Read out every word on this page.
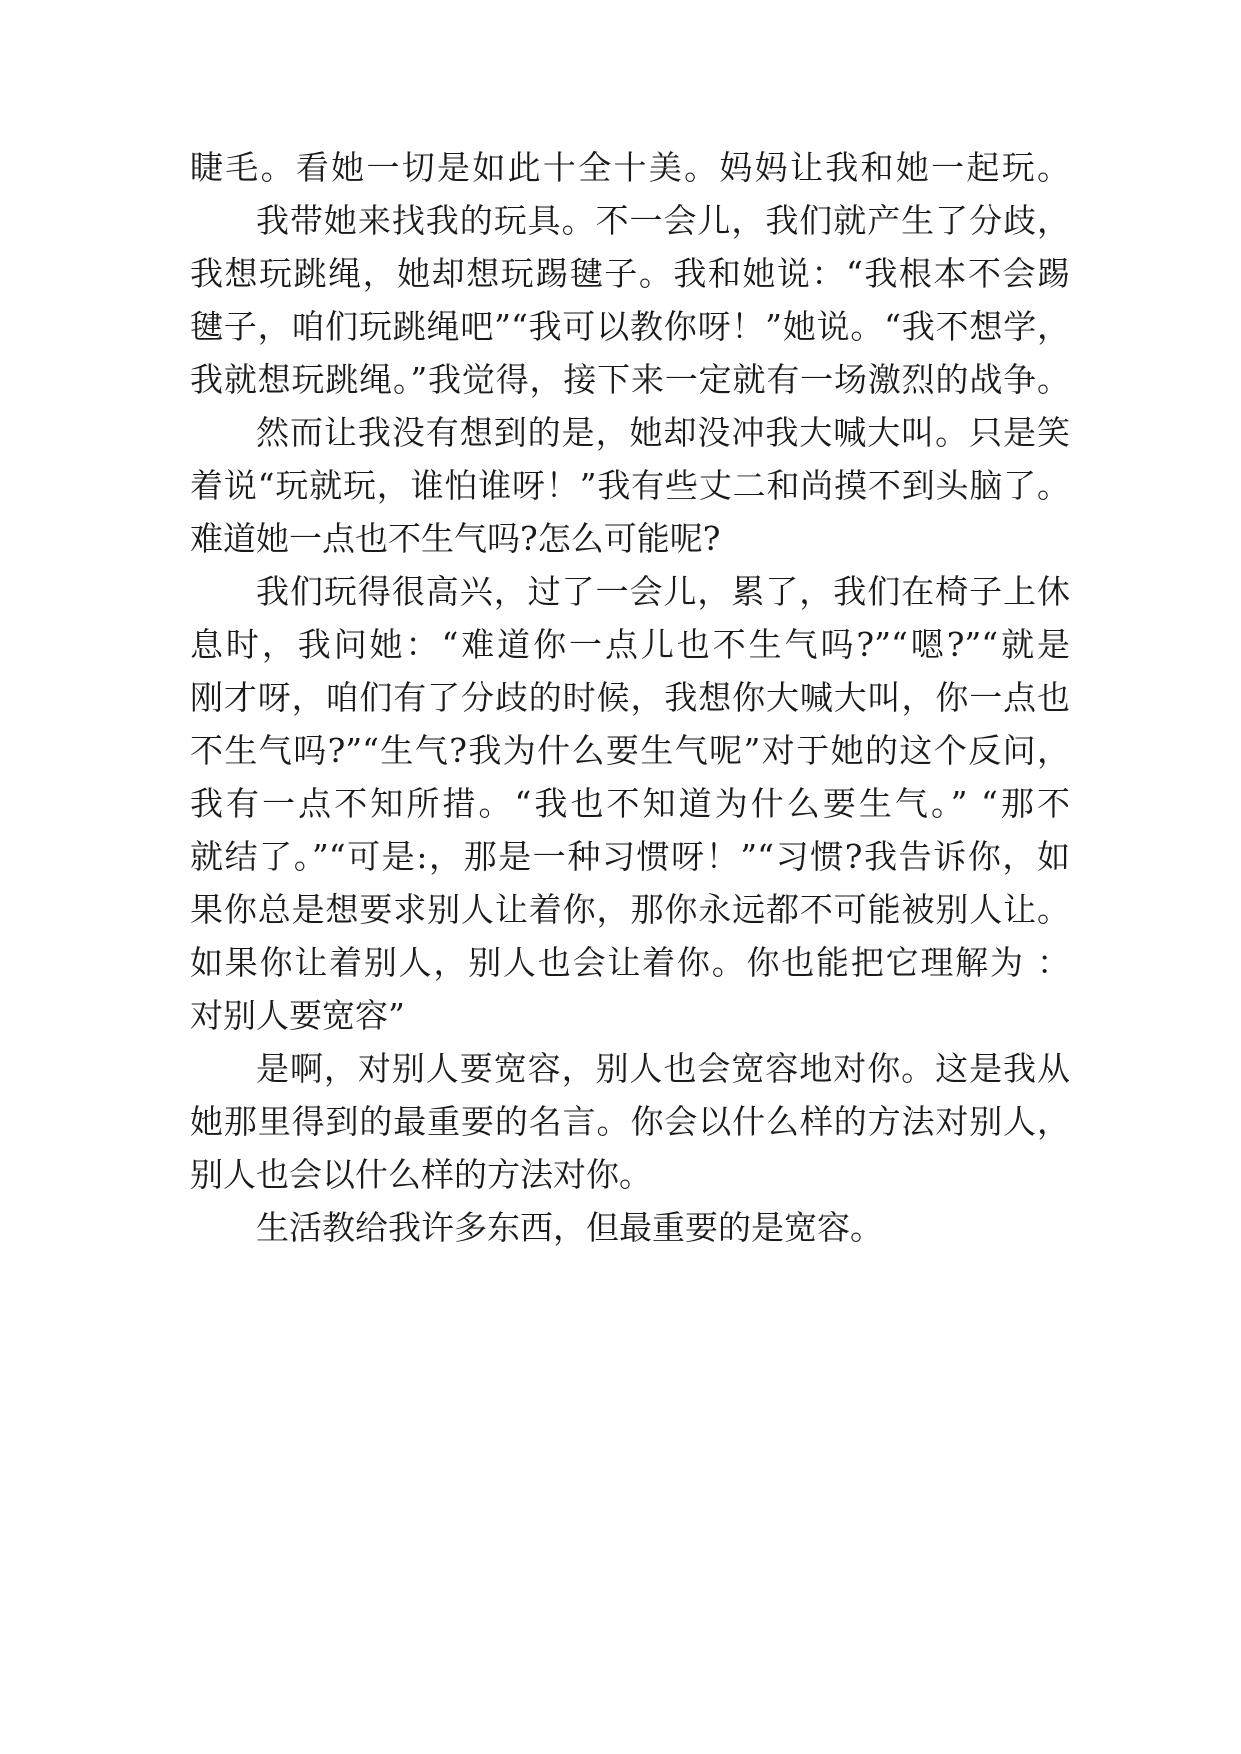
睫毛。看她一切是如此十全十美。妈妈让我和她一起玩。
我带她来找我的玩具。不一会儿，我们就产生了分歧，
我想玩跳绳，她却想玩踢毽子。我和她说：“我根本不会踢
毽子，咱们玩跳绳吧”“我可以教你呀！”她说。“我不想学，
我就想玩跳绳。”我觉得，接下来一定就有一场激烈的战争。
然而让我没有想到的是，她却没冲我大喊大叫。只是笑
着说“玩就玩，谁怕谁呀！”我有些丈二和尚摸不到头脑了。
难道她一点也不生气吗?怎么可能呢?
我们玩得很高兴，过了一会儿，累了，我们在椅子上休
息时，我问她：“难道你一点儿也不生气吗?”“嗯?”“就是
刚才呀，咱们有了分歧的时候，我想你大喊大叫，你一点也
不生气吗?”“生气?我为什么要生气呢”对于她的这个反问，
我有一点不知所措。“我也不知道为什么要生气。” “那不
就结了。”“可是:，那是一种习惯呀！”“习惯?我告诉你，如
果你总是想要求别人让着你，那你永远都不可能被别人让。
如果你让着别人，别人也会让着你。你也能把它理解为 ：
对别人要宽容”
是啊，对别人要宽容，别人也会宽容地对你。这是我从
她那里得到的最重要的名言。你会以什么样的方法对别人，
别人也会以什么样的方法对你。
生活教给我许多东西，但最重要的是宽容。
